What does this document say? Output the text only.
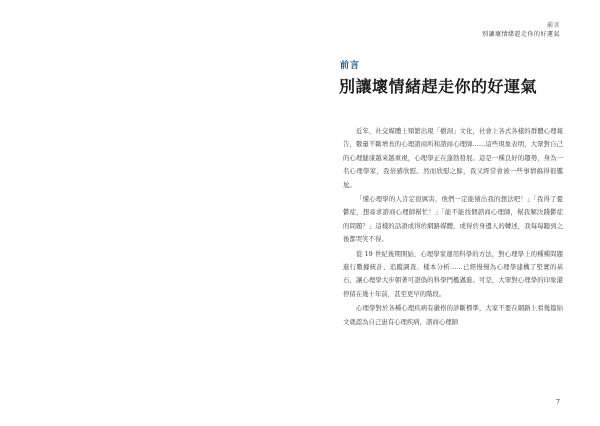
前言
別讓壞情緒趕走你的好運氣
前言
別讓壞情緒趕走你的好運氣

近年，社交媒體上頻繁出現「樹洞」文化，社會上各式各樣的群體心理報告，數量不斷增長的心理諮商所和諮商心理師……這些現象表明，大眾對自己的心理健康越來越重視，心理學正在蓬勃發展。這是一種良好的趨勢，身為一名心理學家，我倍感欣慰。然而欣慰之餘，我又經常會被一些事情搞得很尷尬。

「懂心理學的人肯定很厲害，他們一定能猜出我的想法吧！」「我得了憂鬱症，想尋求諮商心理師幫忙！」「能不能找個諮商心理師，幫我解決踐鬱症的問題？」這樣的話語或得於網路媒體，或得於身邊人的轉述，我每每聽到之後都哭笑不得。

從 19 世紀後期開始，心理學家運用科學的方法，對心理學上的種種問題進行數據統計、追蹤調查、樣本分析……已經慢慢為心理學建構了堅實的基石，讓心理學大步朝著可證偽的科學門檻邁進。可是，大眾對心理學的印象還停留在幾十年前，甚至更早的階段。

心理學對於各種心理疾病有嚴格的診斷標準，大家不要在網路上看幾篇貼文就認為自己患有心理疾病，諮商心理師

7
